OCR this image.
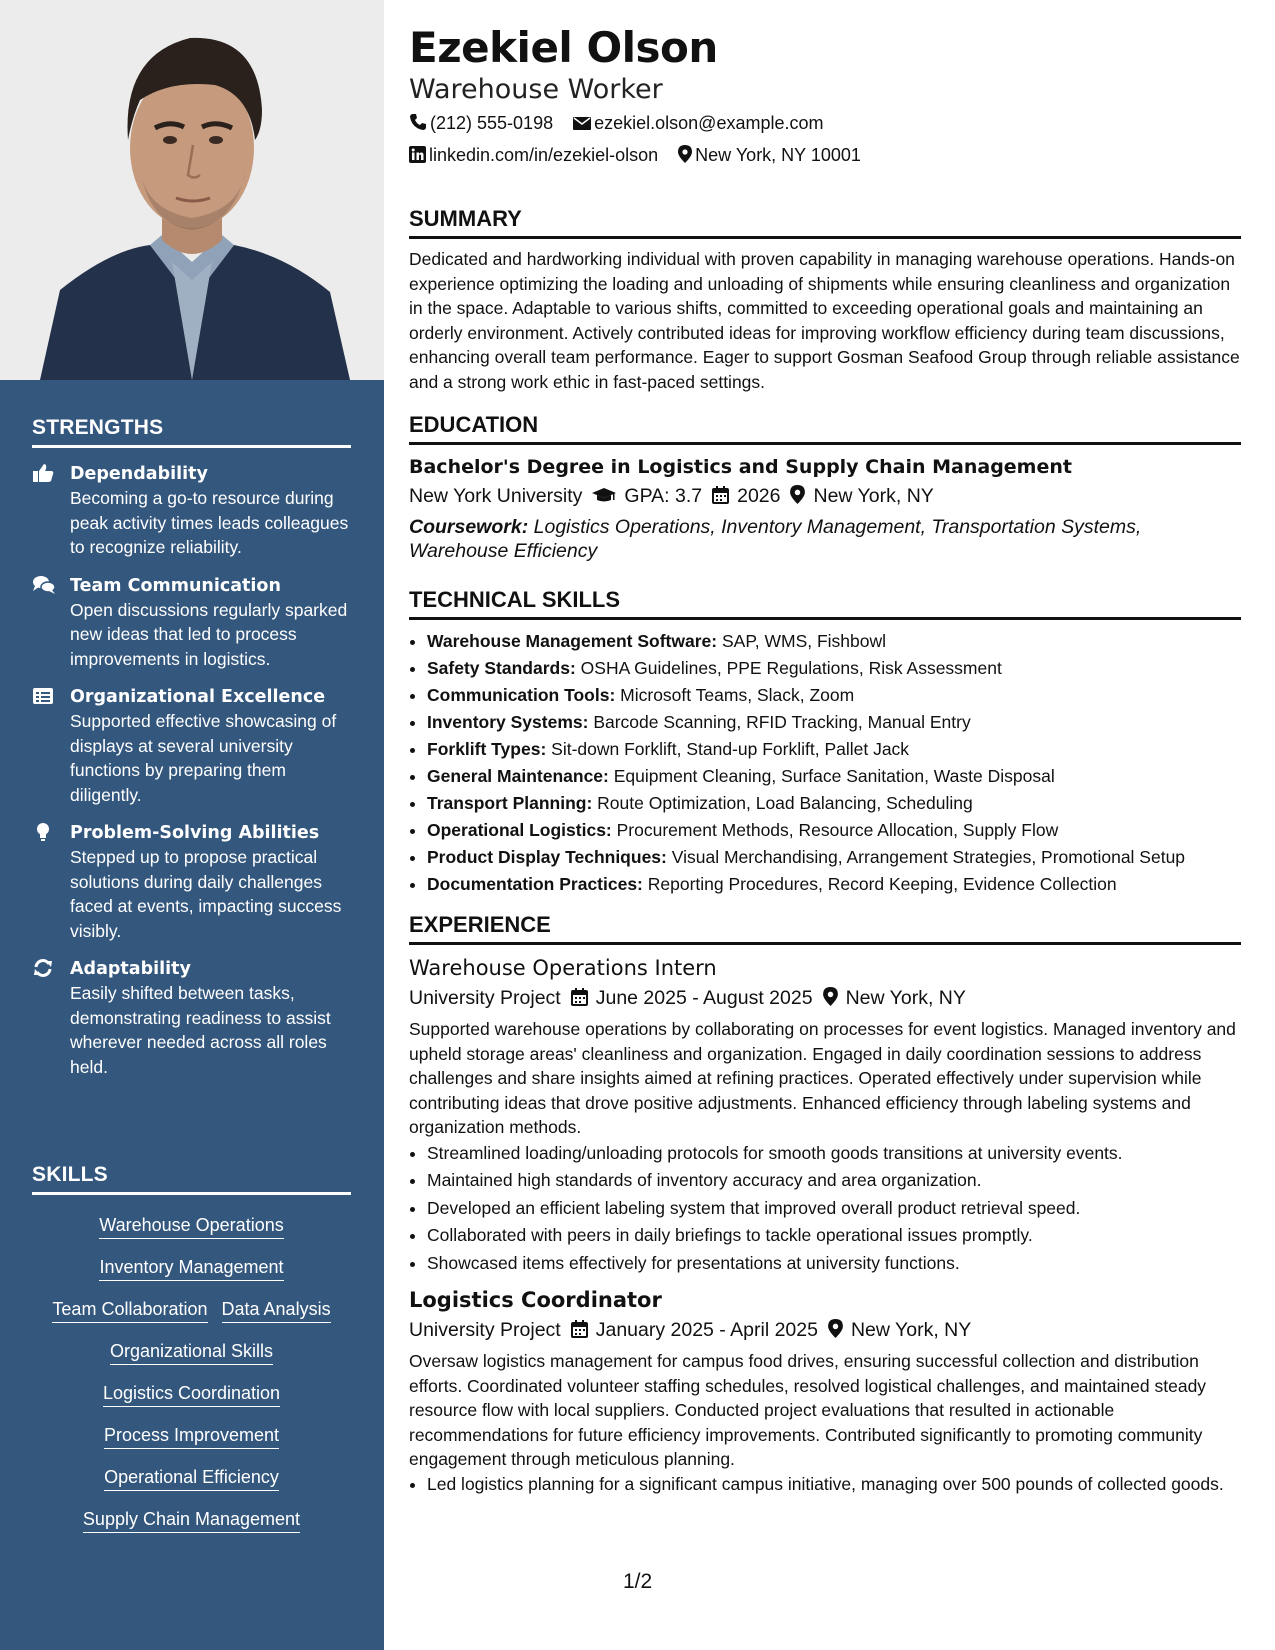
STRENGTHS
Dependability
Becoming a go-to resource during peak activity times leads colleagues to recognize reliability.
Team Communication
Open discussions regularly sparked new ideas that led to process improvements in logistics.
Organizational Excellence
Supported effective showcasing of displays at several university functions by preparing them diligently.
Problem-Solving Abilities
Stepped up to propose practical solutions during daily challenges faced at events, impacting success visibly.
Adaptability
Easily shifted between tasks, demonstrating readiness to assist wherever needed across all roles held.
SKILLS
Warehouse Operations
Inventory Management
Team Collaboration Data Analysis
Organizational Skills
Logistics Coordination
Process Improvement
Operational Efficiency
Supply Chain Management
Ezekiel Olson
Warehouse Worker
(212) 555-0198 ezekiel.olson@example.com
linkedin.com/in/ezekiel-olson New York, NY 10001
SUMMARY
Dedicated and hardworking individual with proven capability in managing warehouse operations. Hands-on experience optimizing the loading and unloading of shipments while ensuring cleanliness and organization in the space. Adaptable to various shifts, committed to exceeding operational goals and maintaining an orderly environment. Actively contributed ideas for improving workflow efficiency during team discussions, enhancing overall team performance. Eager to support Gosman Seafood Group through reliable assistance and a strong work ethic in fast-paced settings.
EDUCATION
Bachelor's Degree in Logistics and Supply Chain Management
New York University GPA: 3.7 2026 New York, NY
Coursework: Logistics Operations, Inventory Management, Transportation Systems, Warehouse Efficiency
TECHNICAL SKILLS
• Warehouse Management Software: SAP, WMS, Fishbowl
• Safety Standards: OSHA Guidelines, PPE Regulations, Risk Assessment
• Communication Tools: Microsoft Teams, Slack, Zoom
• Inventory Systems: Barcode Scanning, RFID Tracking, Manual Entry
• Forklift Types: Sit-down Forklift, Stand-up Forklift, Pallet Jack
• General Maintenance: Equipment Cleaning, Surface Sanitation, Waste Disposal
• Transport Planning: Route Optimization, Load Balancing, Scheduling
• Operational Logistics: Procurement Methods, Resource Allocation, Supply Flow
• Product Display Techniques: Visual Merchandising, Arrangement Strategies, Promotional Setup
• Documentation Practices: Reporting Procedures, Record Keeping, Evidence Collection
EXPERIENCE
Warehouse Operations Intern
University Project June 2025 - August 2025 New York, NY
Supported warehouse operations by collaborating on processes for event logistics. Managed inventory and upheld storage areas' cleanliness and organization. Engaged in daily coordination sessions to address challenges and share insights aimed at refining practices. Operated effectively under supervision while contributing ideas that drove positive adjustments. Enhanced efficiency through labeling systems and organization methods.
• Streamlined loading/unloading protocols for smooth goods transitions at university events.
• Maintained high standards of inventory accuracy and area organization.
• Developed an efficient labeling system that improved overall product retrieval speed.
• Collaborated with peers in daily briefings to tackle operational issues promptly.
• Showcased items effectively for presentations at university functions.
Logistics Coordinator
University Project January 2025 - April 2025 New York, NY
Oversaw logistics management for campus food drives, ensuring successful collection and distribution efforts. Coordinated volunteer staffing schedules, resolved logistical challenges, and maintained steady resource flow with local suppliers. Conducted project evaluations that resulted in actionable recommendations for future efficiency improvements. Contributed significantly to promoting community engagement through meticulous planning.
• Led logistics planning for a significant campus initiative, managing over 500 pounds of collected goods.
1/2
